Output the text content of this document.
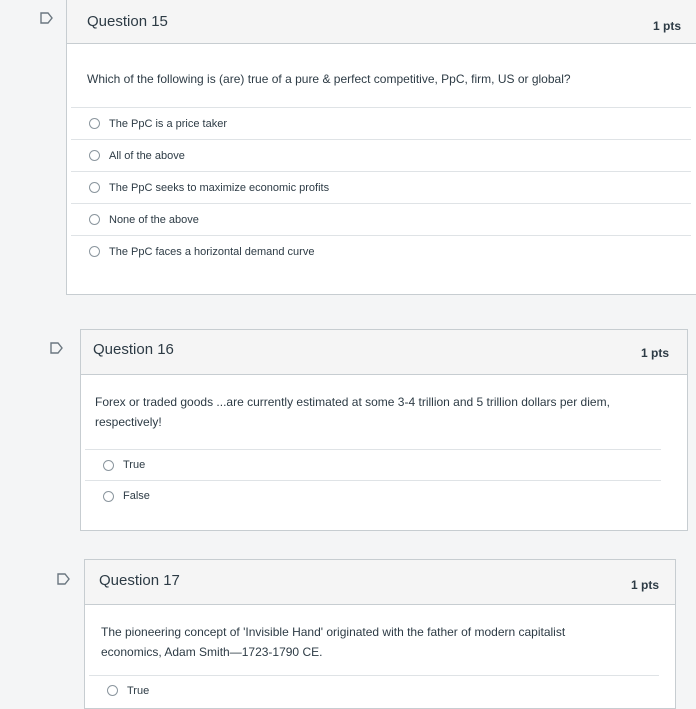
Question 15	1 pts
Which of the following is (are) true of a pure & perfect competitive, PpC, firm, US or global?
The PpC is a price taker
All of the above
The PpC seeks to maximize economic profits
None of the above
The PpC faces a horizontal demand curve
Question 16	1 pts
Forex or traded goods ...are currently estimated at some 3-4 trillion and 5 trillion dollars per diem, respectively!
True
False
Question 17	1 pts
The pioneering concept of 'Invisible Hand' originated with the father of modern capitalist economics, Adam Smith—1723-1790 CE.
True
